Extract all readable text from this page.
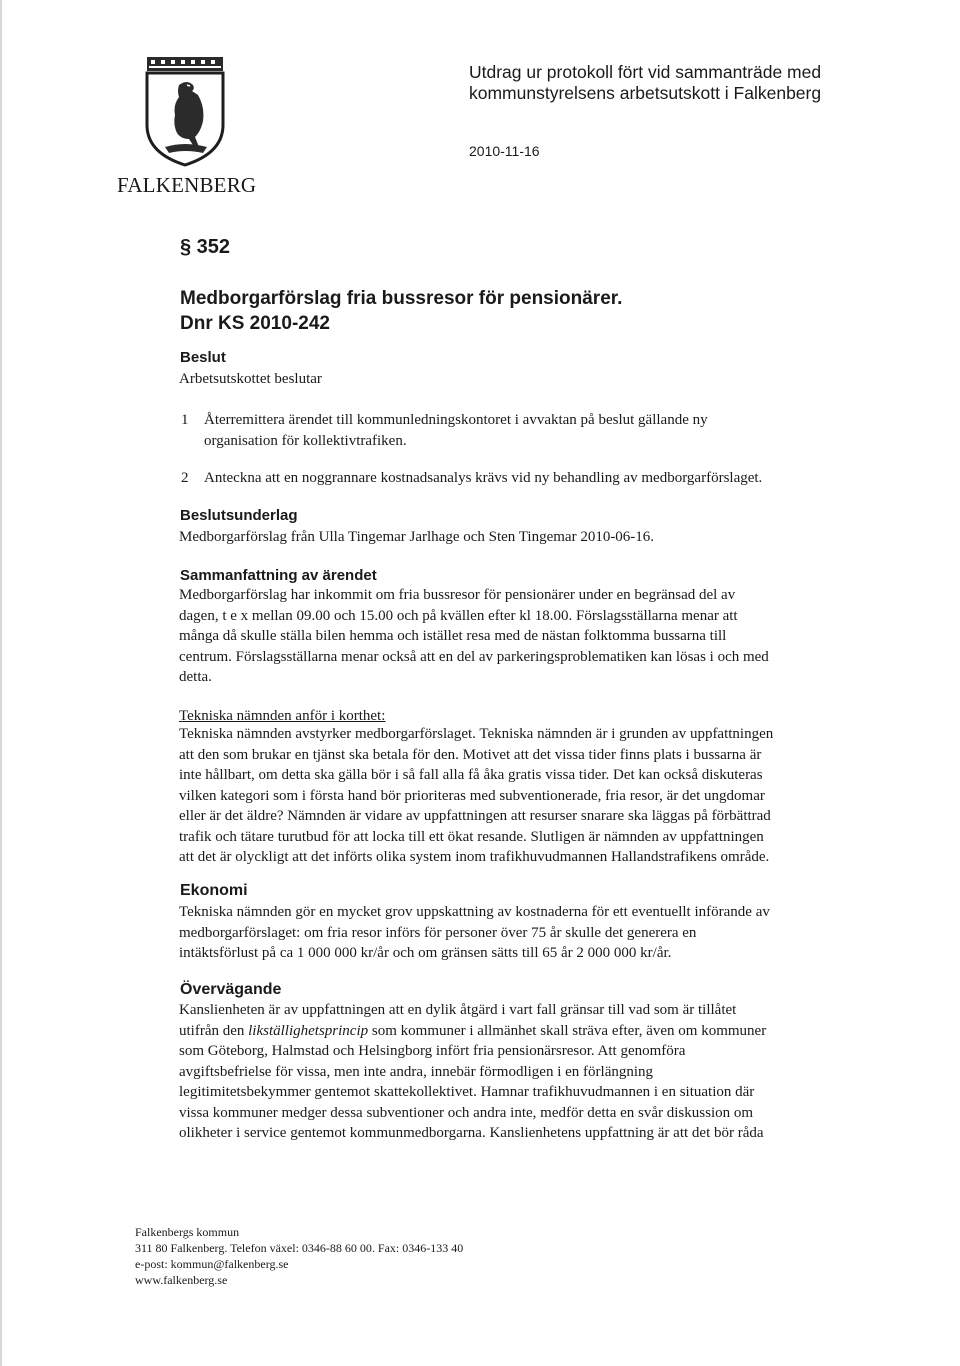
FALKENBERG
Utdrag ur protokoll fört vid sammanträde med
kommunstyrelsens arbetsutskott i Falkenberg
2010-11-16
§ 352
Medborgarförslag fria bussresor för pensionärer.
Dnr KS 2010-242
Beslut
Arbetsutskottet beslutar
1 Återremittera ärendet till kommunledningskontoret i avvaktan på beslut gällande ny
organisation för kollektivtrafiken.
2 Anteckna att en noggrannare kostnadsanalys krävs vid ny behandling av medborgarförslaget.
Beslutsunderlag
Medborgarförslag från Ulla Tingemar Jarlhage och Sten Tingemar 2010-06-16.
Sammanfattning av ärendet
Medborgarförslag har inkommit om fria bussresor för pensionärer under en begränsad del av
dagen, t e x mellan 09.00 och 15.00 och på kvällen efter kl 18.00. Förslagsställarna menar att
många då skulle ställa bilen hemma och istället resa med de nästan folktomma bussarna till
centrum. Förslagsställarna menar också att en del av parkeringsproblematiken kan lösas i och med
detta.
Tekniska nämnden anför i korthet:
Tekniska nämnden avstyrker medborgarförslaget. Tekniska nämnden är i grunden av uppfattningen
att den som brukar en tjänst ska betala för den. Motivet att det vissa tider finns plats i bussarna är
inte hållbart, om detta ska gälla bör i så fall alla få åka gratis vissa tider. Det kan också diskuteras
vilken kategori som i första hand bör prioriteras med subventionerade, fria resor, är det ungdomar
eller är det äldre? Nämnden är vidare av uppfattningen att resurser snarare ska läggas på förbättrad
trafik och tätare turutbud för att locka till ett ökat resande. Slutligen är nämnden av uppfattningen
att det är olyckligt att det införts olika system inom trafikhuvudmannen Hallandstrafikens område.
Ekonomi
Tekniska nämnden gör en mycket grov uppskattning av kostnaderna för ett eventuellt införande av
medborgarförslaget: om fria resor införs för personer över 75 år skulle det generera en
intäktsförlust på ca 1 000 000 kr/år och om gränsen sätts till 65 år 2 000 000 kr/år.
Övervägande
Kanslienheten är av uppfattningen att en dylik åtgärd i vart fall gränsar till vad som är tillåtet
utifrån den likställighetsprincip som kommuner i allmänhet skall sträva efter, även om kommuner
som Göteborg, Halmstad och Helsingborg infört fria pensionärsresor. Att genomföra
avgiftsbefrielse för vissa, men inte andra, innebär förmodligen i en förlängning
legitimitetsbekymmer gentemot skattekollektivet. Hamnar trafikhuvudmannen i en situation där
vissa kommuner medger dessa subventioner och andra inte, medför detta en svår diskussion om
olikheter i service gentemot kommunmedborgarna. Kanslienhetens uppfattning är att det bör råda
Falkenbergs kommun
311 80 Falkenberg. Telefon växel: 0346-88 60 00. Fax: 0346-133 40
e-post: kommun@falkenberg.se
www.falkenberg.se
